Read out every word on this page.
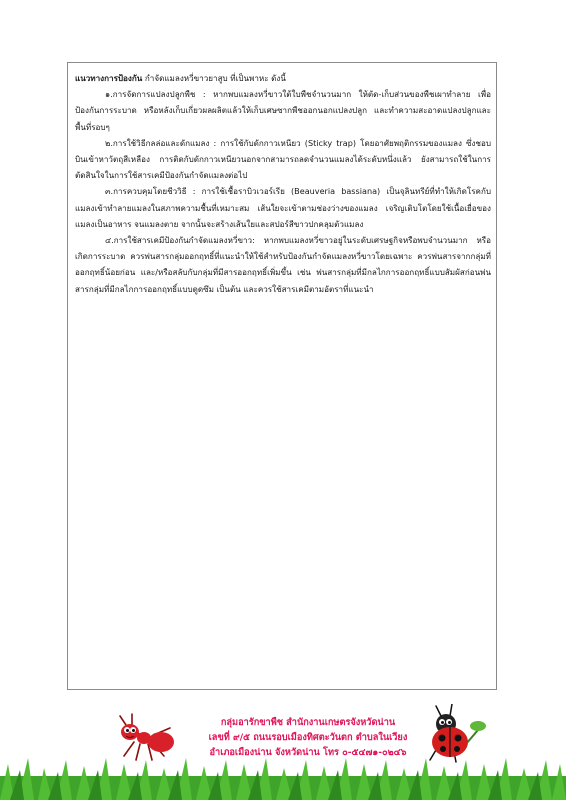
แนวทางการป้องกัน กำจัดแมลงหวี่ขาวยาสูบ ที่เป็นพาหะ ดังนี้

๑.การจัดการแปลงปลูกพืช : หากพบแมลงหวี่ขาวใต้ใบพืชจำนวนมาก ให้ตัด-เก็บส่วนของพืชเผาทำลาย เพื่อป้องกันการระบาด หรือหลังเก็บเกี่ยวผลผลิตแล้วให้เก็บเศษซากพืชออกนอกแปลงปลูก และทำความสะอาดแปลงปลูกและพื้นที่รอบๆ

๒.การใช้วิธีกลล่อและดักแมลง : การใช้กับดักกาวเหนียว (Sticky trap) โดยอาศัยพฤติกรรมของแมลง ซึ่งชอบบินเข้าหาวัตถุสีเหลือง การติดกับดักกาวเหนียวนอกจากสามารถลดจำนวนแมลงได้ระดับหนึ่งแล้ว ยังสามารถใช้ในการตัดสินใจในการใช้สารเคมีป้องกันกำจัดแมลงต่อไป

๓.การควบคุมโดยชีววิธี : การใช้เชื้อราบิวเวอร์เรีย (Beauveria bassiana) เป็นจุลินทรีย์ที่ทำให้เกิดโรคกับแมลงเข้าทำลายแมลงในสภาพความชื้นที่เหมาะสม เส้นใยจะเข้าตามช่องว่างของแมลง เจริญเติบโตโดยใช้เนื้อเยื่อของแมลงเป็นอาหาร จนแมลงตาย จากนั้นจะสร้างเส้นใยและสปอร์สีขาวปกคลุมตัวแมลง

๔.การใช้สารเคมีป้องกันกำจัดแมลงหวี่ขาว: หากพบแมลงหวี่ขาวอยู่ในระดับเศรษฐกิจหรือพบจำนวนมาก หรือเกิดการระบาด ควรพ่นสารกลุ่มออกฤทธิ์ที่แนะนำให้ใช้สำหรับป้องกันกำจัดแมลงหวี่ขาวโดยเฉพาะ ควรพ่นสารจากกลุ่มที่ออกฤทธิ์น้อยก่อน และ/หรือสลับกับกลุ่มที่มีสารออกฤทธิ์เพิ่มขึ้น เช่น พ่นสารกลุ่มที่มีกลไกการออกฤทธิ์แบบสัมผัสก่อนพ่นสารกลุ่มที่มีกลไกการออกฤทธิ์แบบดูดซึม เป็นต้น และควรใช้สารเคมีตามอัตราที่แนะนำ

กลุ่มอารักขาพืช สำนักงานเกษตรจังหวัดน่าน
เลขที่ ๙/๕ ถนนรอบเมืองทิศตะวันตก ตำบลในเวียง
อำเภอเมืองน่าน จังหวัดน่าน โทร ๐-๕๔๗๑-๐๒๔๖
